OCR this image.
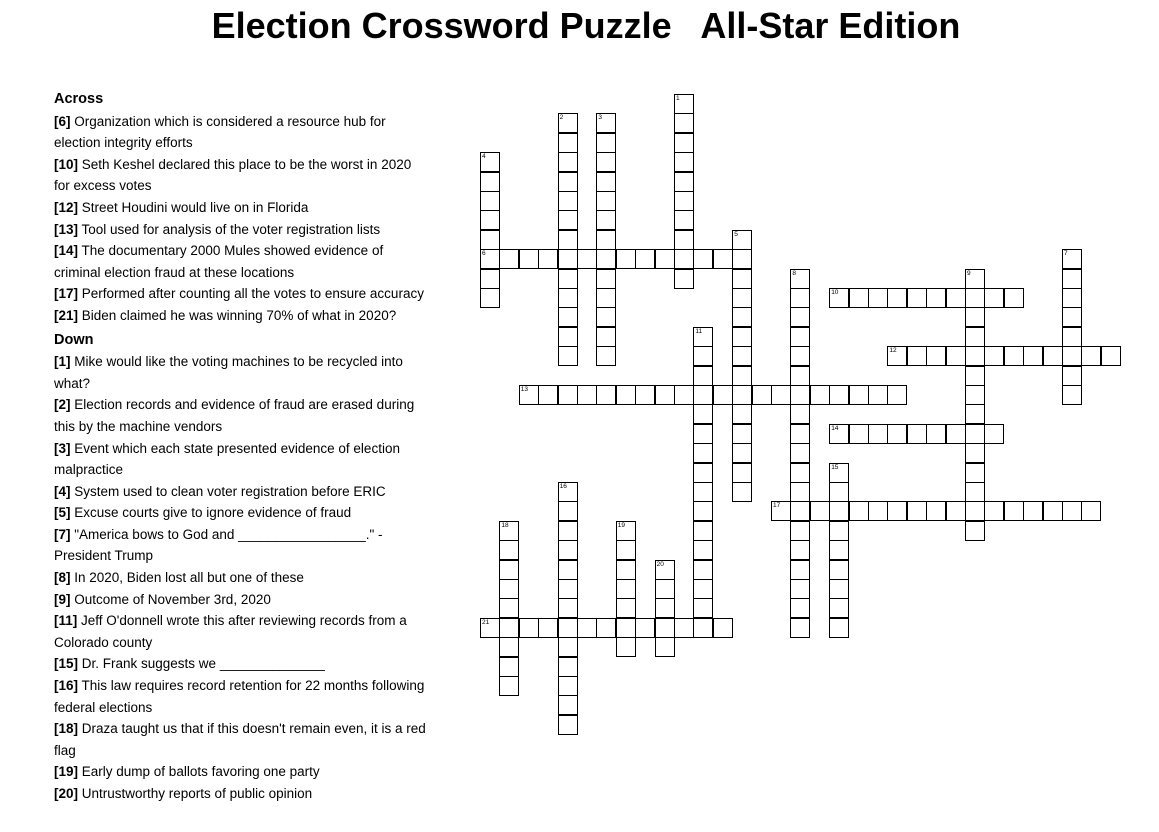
Election Crossword Puzzle   All-Star Edition
Across
[6] Organization which is considered a resource hub for election integrity efforts
[10] Seth Keshel declared this place to be the worst in 2020 for excess votes
[12] Street Houdini would live on in Florida
[13] Tool used for analysis of the voter registration lists
[14] The documentary 2000 Mules showed evidence of criminal election fraud at these locations
[17] Performed after counting all the votes to ensure accuracy
[21] Biden claimed he was winning 70% of what in 2020?
Down
[1] Mike would like the voting machines to be recycled into what?
[2] Election records and evidence of fraud are erased during this by the machine vendors
[3] Event which each state presented evidence of election malpractice
[4] System used to clean voter registration before ERIC
[5] Excuse courts give to ignore evidence of fraud
[7] "America bows to God and _________________." - President Trump
[8] In 2020, Biden lost all but one of these
[9] Outcome of November 3rd, 2020
[11] Jeff O'donnell wrote this after reviewing records from a Colorado county
[15] Dr. Frank suggests we ______________
[16] This law requires record retention for 22 months following federal elections
[18] Draza taught us that if this doesn't remain even, it is a red flag
[19] Early dump of ballots favoring one party
[20] Untrustworthy reports of public opinion
1
2	3
4
6
5
7
8	9
10
11
12
13
14
15
16
17
18	19
20
21
